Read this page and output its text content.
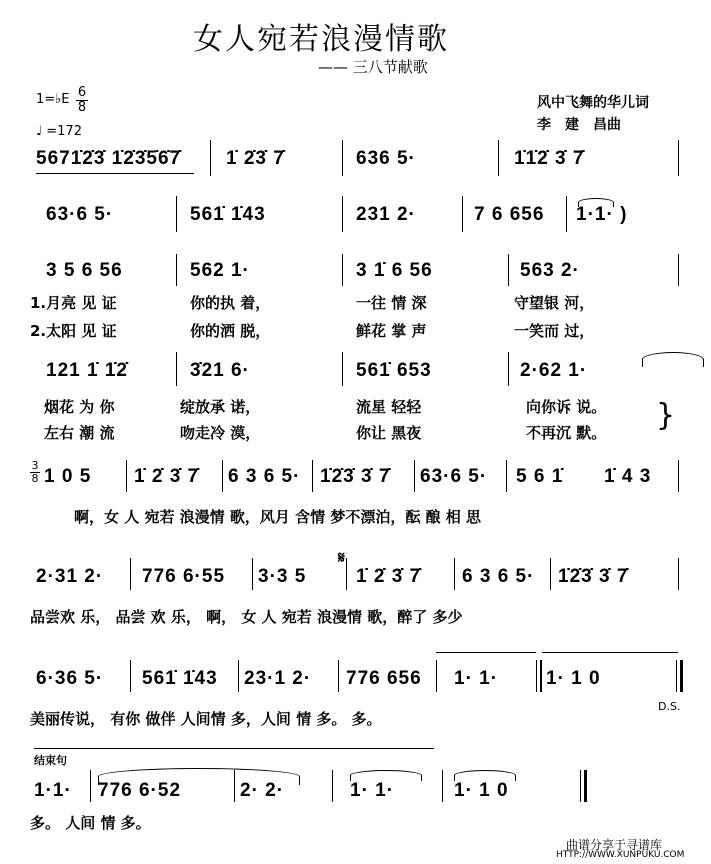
女人宛若浪漫情歌
—— 三八节献歌
1=♭E 6
8
♩ =172
风中飞舞的华儿词
李　建　昌曲
5671̇2̇3̇ 1̇2̇3̇5̇6̇7̇ 1̇ 2̇3̇ 7̇	636 5·	1̇1̇2̇ 3̇ 7̇
63·6 5·	561̇ 1̇43	231 2·	7 6 656 1·1· )
3 5 6 56	562 1·	3 1̇ 6 56	563 2·
1.月亮 见 证	你的执 着，	一往 情 深	守望银 河，
2.太阳 见 证	你的洒 脱，	鲜花 掌 声	一笑而 过，
121 1̇ 1̇2̇	3̇21 6·	561̇ 653	2·62 1·
烟花 为 你	绽放承 诺，	流星 轻轻	向你诉 说。
左右 潮 流	吻走冷 漠，	你让 黑夜	不再沉 默。 }
3
8 1 0 5 1̇ 2̇ 3̇ 7̇ 6 3 6 5· 1̇2̇3̇ 3̇ 7̇ 63·6 5· 5 6 1̇ 1̇ 4 3
啊，女 人 宛若 浪漫情 歌，风月 含情 梦不漂泊，酝 酿 相 思
2·31 2· 776 6·55 3·3 5
𝄋
1̇ 2̇ 3̇ 7̇ 6 3 6 5· 1̇2̇3̇ 3̇ 7̇
品尝欢 乐， 品尝 欢 乐， 啊， 女 人 宛若 浪漫情 歌，醉了 多少
6·36 5· 561̇ 1̇43 23·1 2· 776 656 1· 1·	1· 1 0
美丽传说， 有你 做伴 人间情 多，人间 情 多。 多。
D.S.
结束句
1·1· 776 6·52	2· 2·	1· 1·	1· 1 0
多。 人间 情 多。
曲谱分享于寻谱库
HTTP://WWW.XUNPUKU.COM
